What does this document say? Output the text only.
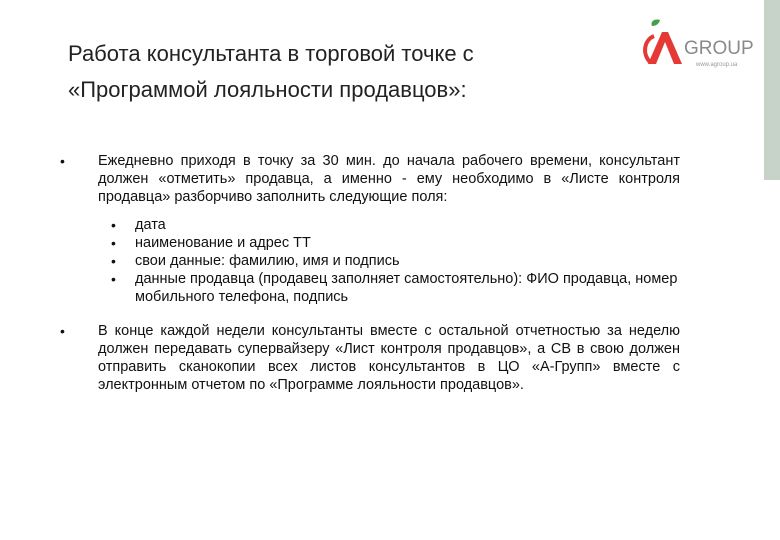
Работа консультанта в торговой точке с
«Программой лояльности продавцов»:
GROUP
www.agroup.ua
•	Ежедневно приходя в точку за 30 мин. до начала рабочего времени, консультант должен «отметить» продавца, а именно - ему необходимо в «Листе контроля продавца» разборчиво заполнить следующие поля:
•	дата
•	наименование и адрес ТТ
•	свои данные: фамилию, имя и подпись
•	данные продавца (продавец заполняет самостоятельно): ФИО продавца, номер мобильного телефона, подпись
•	В конце каждой недели консультанты вместе с остальной отчетностью за неделю должен передавать супервайзеру «Лист контроля продавцов», а СВ в свою должен отправить сканокопии всех листов консультантов в ЦО «А-Групп» вместе с электронным отчетом по «Программе лояльности продавцов».
